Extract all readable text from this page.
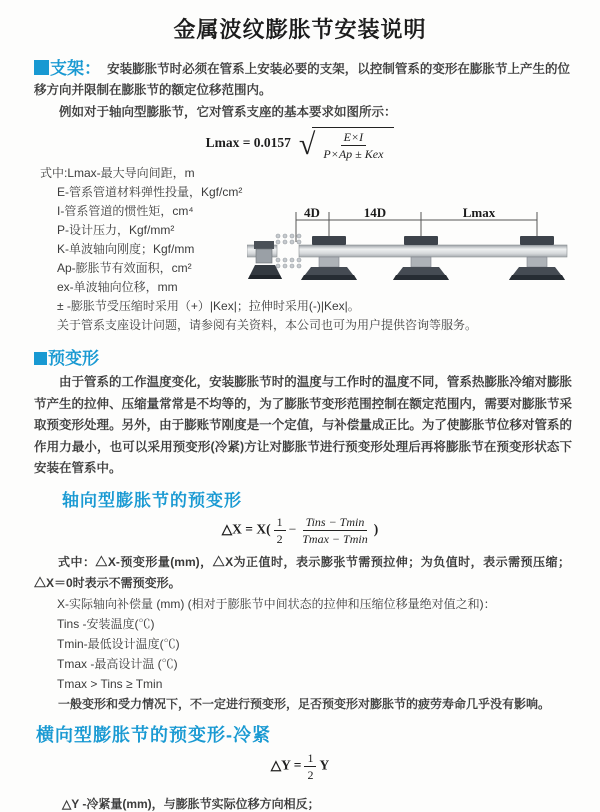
金属波纹膨胀节安装说明

支架： 安装膨胀节时必须在管系上安装必要的支架，以控制管系的变形在膨胀节上产生的位移方向并限制在膨胀节的额定位移范围内。

例如对于轴向型膨胀节，它对管系支座的基本要求如图所示：

Lmax = 0.0157 √ $\frac{E\times I}{\text{P×Ap ± Kex}}$
式中:Lmax-最大导向间距，m
E-管系管道材料弹性投量，Kgf/cm²
I-管系管道的惯性矩，cm⁴
P-设计压力，Kgf/mm²
K-单波轴向刚度；Kgf/mm
Ap-膨胀节有效面积，cm²
ex-单波轴向位移，mm
± -膨胀节受压缩时采用（+）|Kex|；拉伸时采用(-)|Kex|。
关于管系支座设计问题，请参阅有关资料，本公司也可为用户提供咨询等服务。
4D	14D	Lmax
预变形

由于管系的工作温度变化，安装膨胀节时的温度与工作时的温度不同，管系热膨胀冷缩对膨胀节产生的拉伸、压缩量常常是不均等的，为了膨胀节变形范围控制在额定范围内，需要对膨胀节采取预变形处理。另外，由于膨账节刚度是一个定值，与补偿量成正比。为了使膨胀节位移对管系的作用力最小，也可以采用预变形(冷紧)方让对膨胀节进行预变形处理后再将膨胀节在预变形状态下安装在管系中。

轴向型膨胀节的预变形
△X = $X( \frac{1}{2} - \frac{\text{Tins − Tmin}}{Tmax - Tmin}$ )

式中：△X-预变形量(mm)，△X为正值时，表示膨张节需预拉伸；为负值时，表示需预压缩；△X＝0时表示不需预变形。

X-实际轴向补偿量 (mm) (相对于膨胀节中间状态的拉伸和压缩位移量绝对值之和)：
Tins -安装温度(℃)
Tmin-最低设计温度(℃)
Tmax -最高设计温 (℃)
Tmax > Tins ≥ Tmin

一般变形和受力情况下，不一定进行预变形，足否预变形对膨胀节的疲劳寿命几乎没有影响。

横向型膨胀节的预变形-冷紧
△Y = $\frac{1}{2}$ Y

△Y -冷紧量(mm)，与膨胀节实际位移方向相反；
